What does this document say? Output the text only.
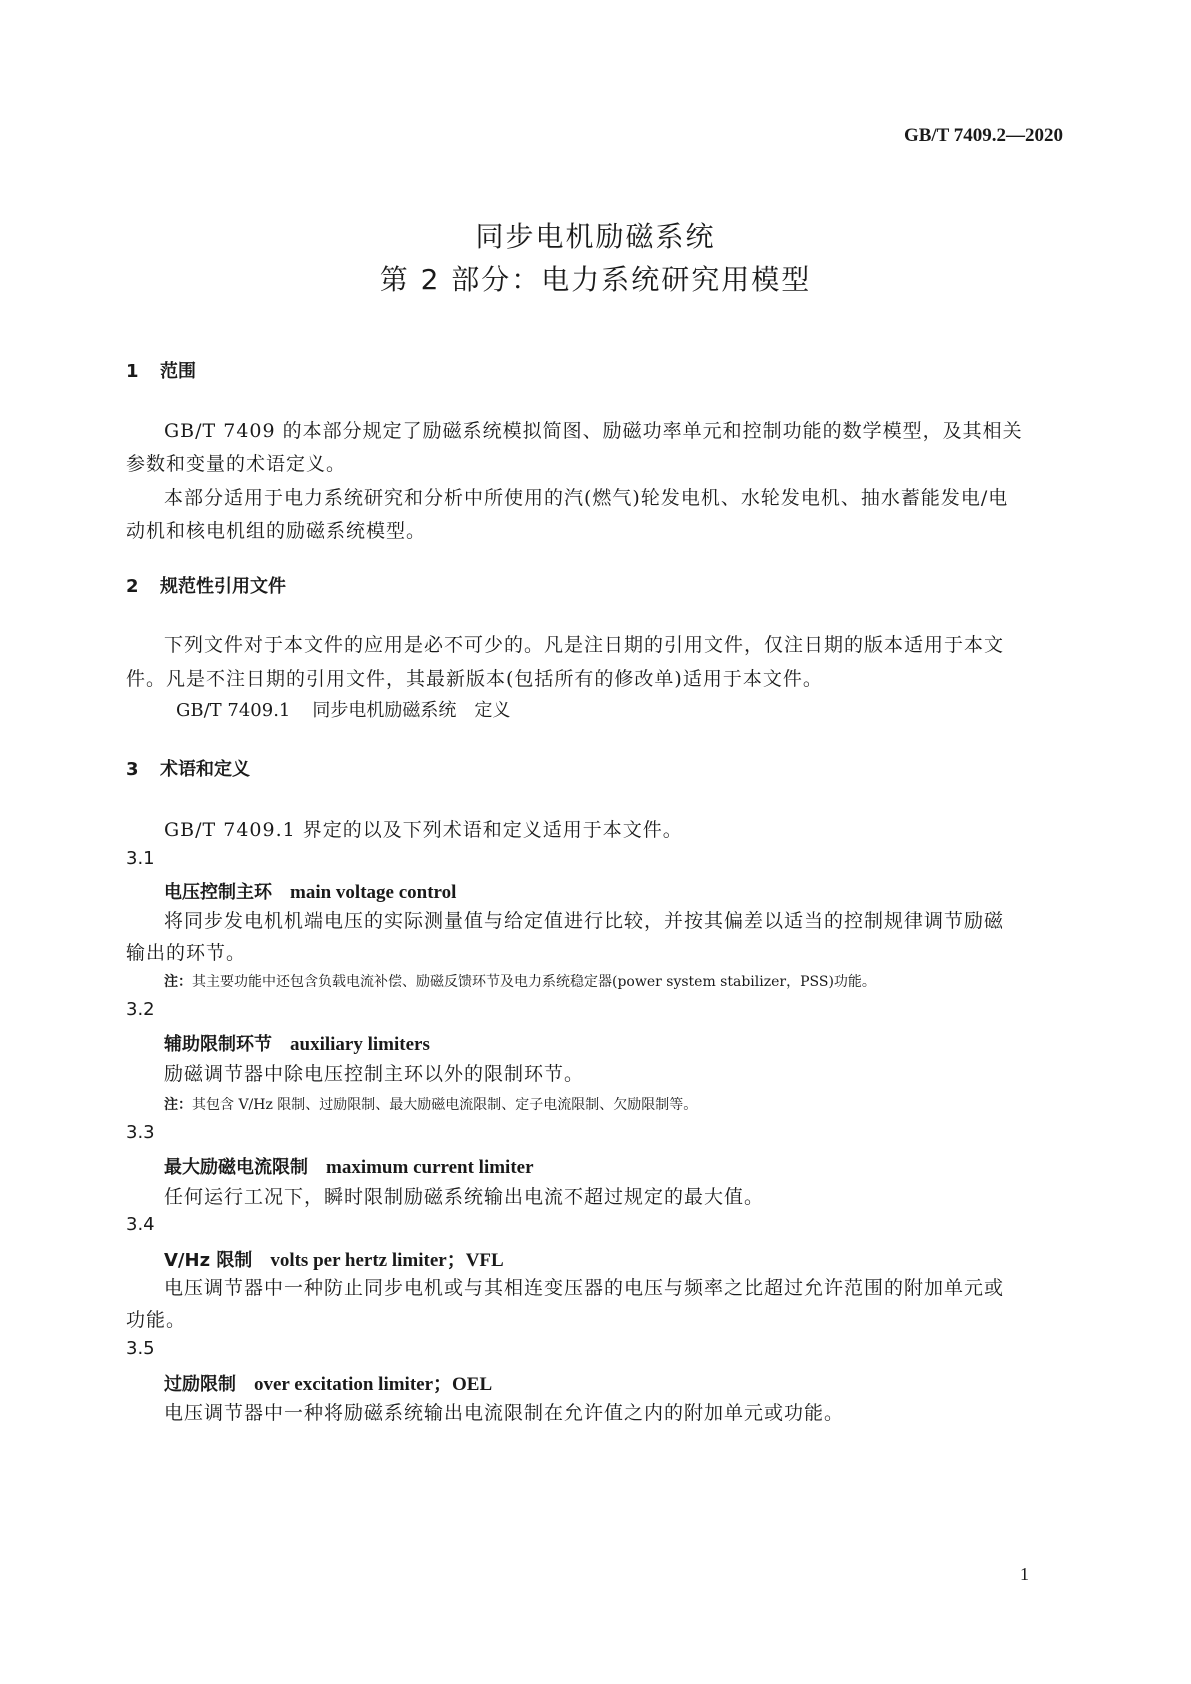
GB/T 7409.2—2020
同步电机励磁系统
第 2 部分：电力系统研究用模型
1 范围
GB/T 7409 的本部分规定了励磁系统模拟简图、励磁功率单元和控制功能的数学模型，及其相关
参数和变量的术语定义。
本部分适用于电力系统研究和分析中所使用的汽(燃气)轮发电机、水轮发电机、抽水蓄能发电/电
动机和核电机组的励磁系统模型。
2 规范性引用文件
下列文件对于本文件的应用是必不可少的。凡是注日期的引用文件，仅注日期的版本适用于本文
件。凡是不注日期的引用文件，其最新版本(包括所有的修改单)适用于本文件。
GB/T 7409.1 同步电机励磁系统　定义
3 术语和定义
GB/T 7409.1 界定的以及下列术语和定义适用于本文件。
3.1
电压控制主环 main voltage control
将同步发电机机端电压的实际测量值与给定值进行比较，并按其偏差以适当的控制规律调节励磁
输出的环节。
注：其主要功能中还包含负载电流补偿、励磁反馈环节及电力系统稳定器(power system stabilizer，PSS)功能。
3.2
辅助限制环节 auxiliary limiters
励磁调节器中除电压控制主环以外的限制环节。
注：其包含 V/Hz 限制、过励限制、最大励磁电流限制、定子电流限制、欠励限制等。
3.3
最大励磁电流限制 maximum current limiter
任何运行工况下，瞬时限制励磁系统输出电流不超过规定的最大值。
3.4
V/Hz 限制 volts per hertz limiter；VFL
电压调节器中一种防止同步电机或与其相连变压器的电压与频率之比超过允许范围的附加单元或
功能。
3.5
过励限制 over excitation limiter；OEL
电压调节器中一种将励磁系统输出电流限制在允许值之内的附加单元或功能。
1
